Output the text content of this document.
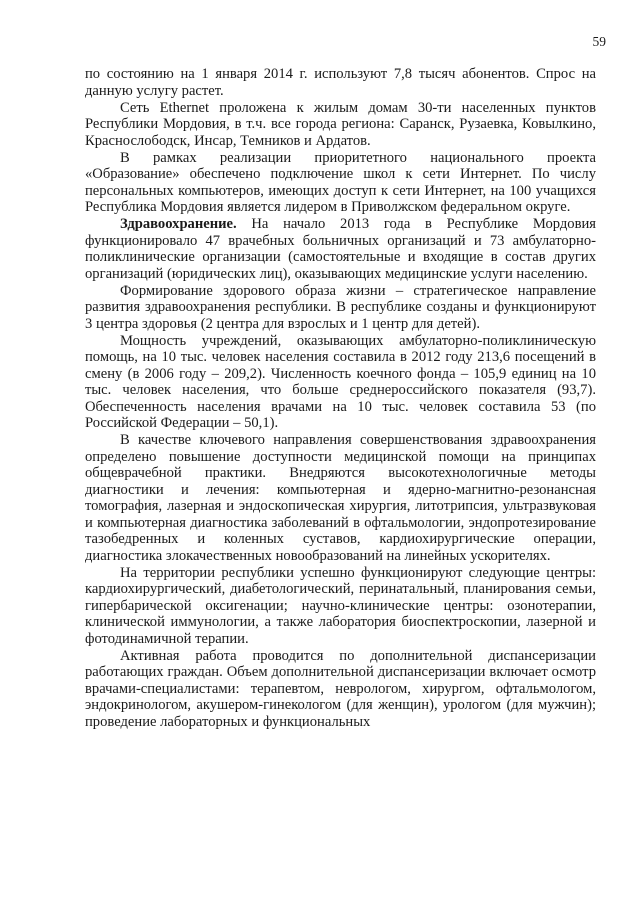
59

по состоянию на 1 января 2014 г. используют 7,8 тысяч абонентов. Спрос на данную услугу растет.

Сеть Ethernet проложена к жилым домам 30-ти населенных пунктов Республики Мордовия, в т.ч. все города региона: Саранск, Рузаевка, Ковылкино, Краснослободск, Инсар, Темников и Ардатов.

В рамках реализации приоритетного национального проекта «Образование» обеспечено подключение школ к сети Интернет. По числу персональных компьютеров, имеющих доступ к сети Интернет, на 100 учащихся Республика Мордовия является лидером в Приволжском федеральном округе.

Здравоохранение. На начало 2013 года в Республике Мордовия функционировало 47 врачебных больничных организаций и 73 амбулаторно-поликлинические организации (самостоятельные и входящие в состав других организаций (юридических лиц), оказывающих медицинские услуги населению.

Формирование здорового образа жизни – стратегическое направление развития здравоохранения республики. В республике созданы и функционируют 3 центра здоровья (2 центра для взрослых и 1 центр для детей).

Мощность учреждений, оказывающих амбулаторно-поликлиническую помощь, на 10 тыс. человек населения составила в 2012 году 213,6 посещений в смену (в 2006 году – 209,2). Численность коечного фонда – 105,9 единиц на 10 тыс. человек населения, что больше среднероссийского показателя (93,7). Обеспеченность населения врачами на 10 тыс. человек составила 53 (по Российской Федерации – 50,1).

В качестве ключевого направления совершенствования здравоохранения определено повышение доступности медицинской помощи на принципах общеврачебной практики. Внедряются высокотехнологичные методы диагностики и лечения: компьютерная и ядерно-магнитно-резонансная томография, лазерная и эндоскопическая хирургия, литотрипсия, ультразвуковая и компьютерная диагностика заболеваний в офтальмологии, эндопротезирование тазобедренных и коленных суставов, кардиохирургические операции, диагностика злокачественных новообразований на линейных ускорителях.

На территории республики успешно функционируют следующие центры: кардиохирургический, диабетологический, перинатальный, планирования семьи, гипербарической оксигенации; научно-клинические центры: озонотерапии, клинической иммунологии, а также лаборатория биоспектроскопии, лазерной и фотодинамичной терапии.

Активная работа проводится по дополнительной диспансеризации работающих граждан. Объем дополнительной диспансеризации включает осмотр врачами-специалистами: терапевтом, неврологом, хирургом, офтальмологом, эндокринологом, акушером-гинекологом (для женщин), урологом (для мужчин); проведение лабораторных и функциональных
